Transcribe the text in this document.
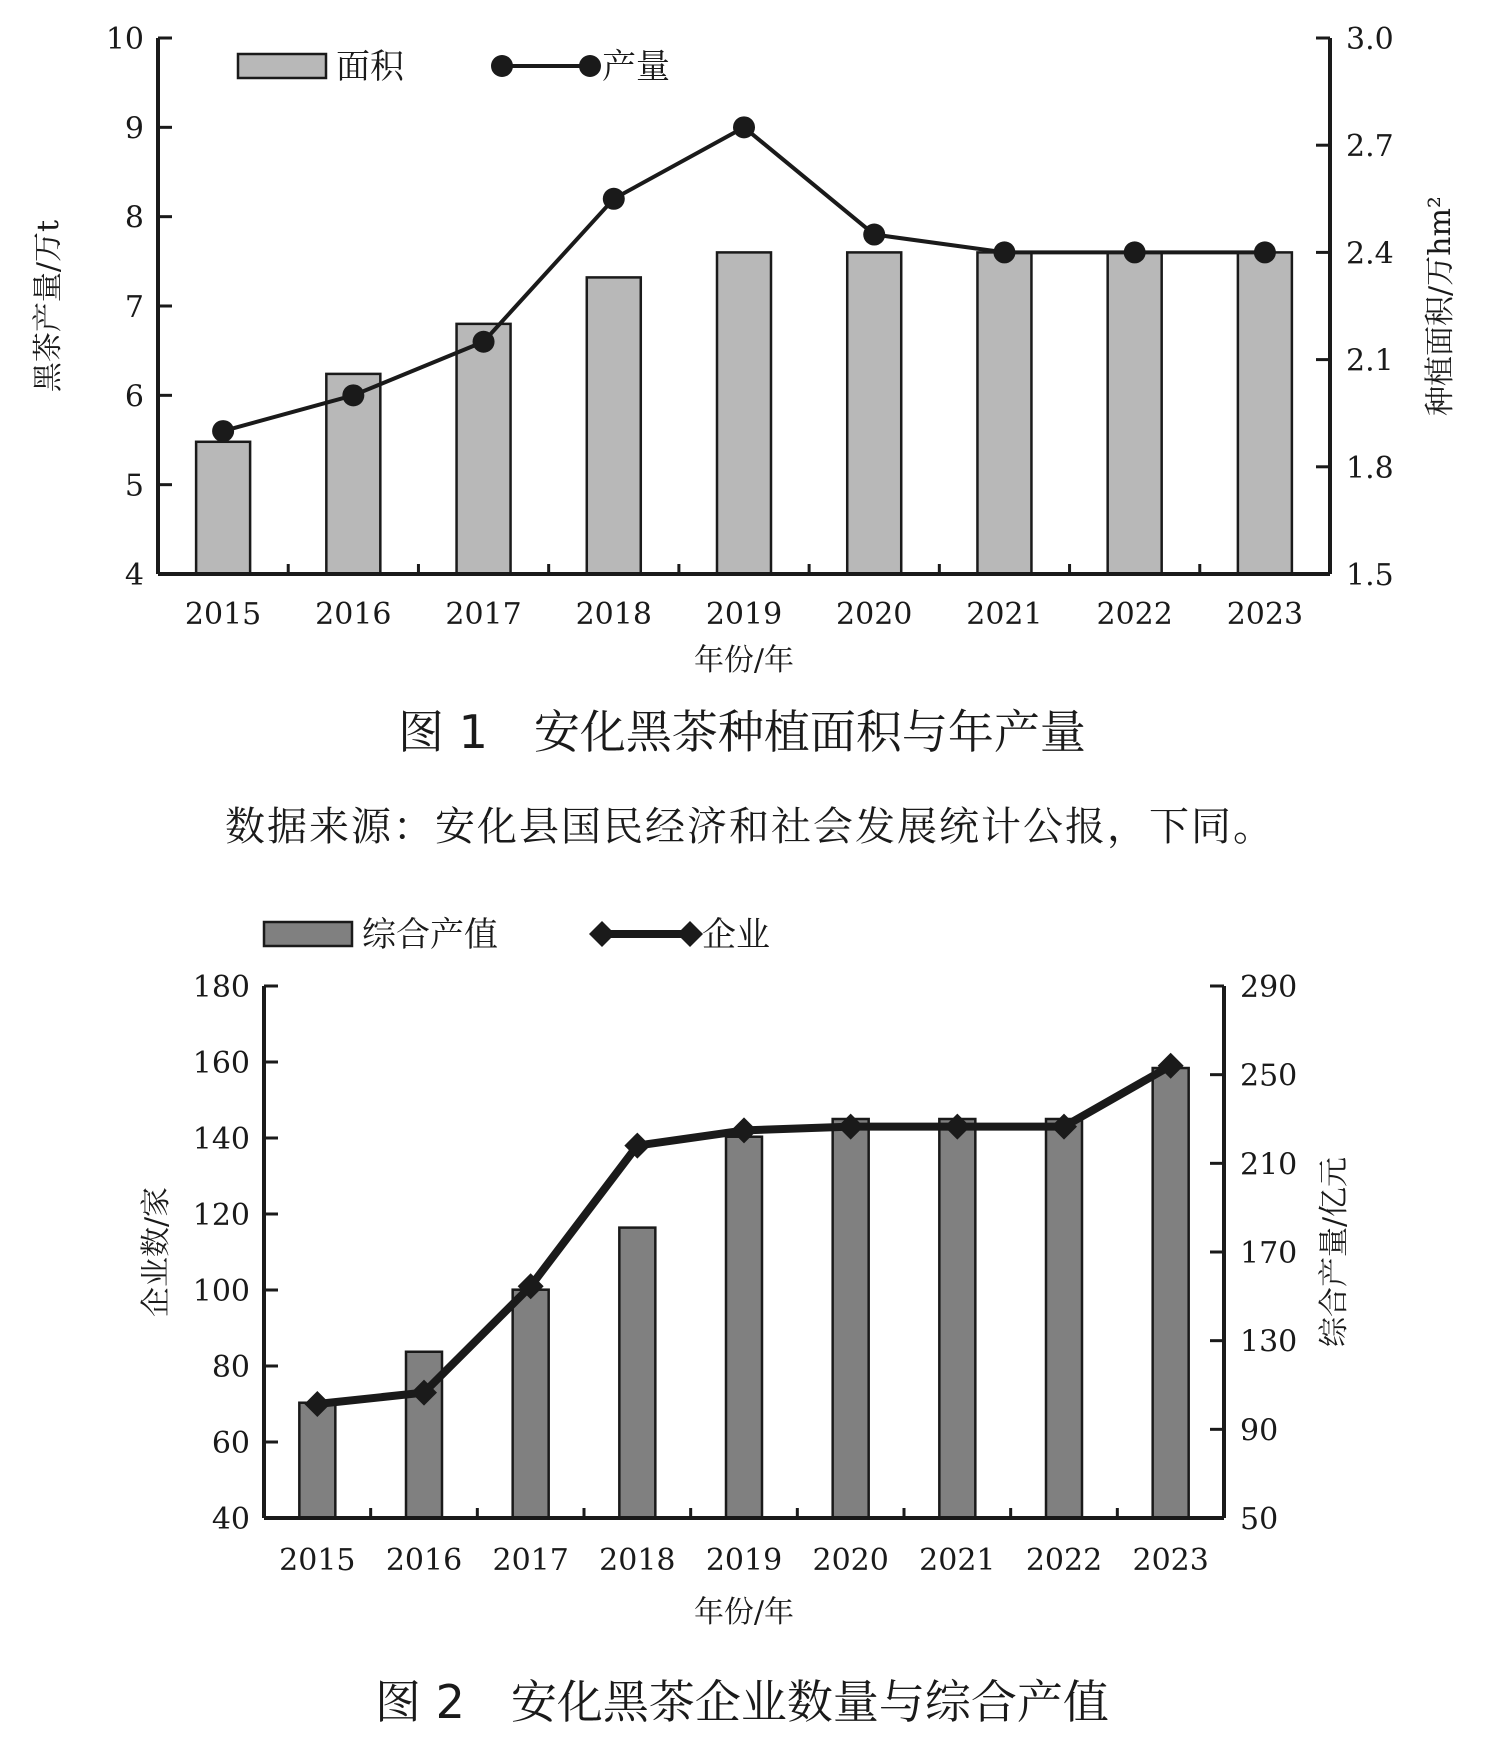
4
5
6
7
8
9
10
1.5
1.8
2.1
2.4
2.7
3.0
2015 2016 2017 2018 2019 2020 2021 2022 2023
年份/年
黑茶产量/万t	种植面积/万hm²
面积	产量
图 1　安化黑茶种植面积与年产量
数据来源：安化县国民经济和社会发展统计公报，下同。
40
60
80
100
120
140
160
180
50
90
130
170
210
250
290
2015 2016 2017 2018 2019 2020 2021 2022 2023
年份/年
企业数/家	综合产量/亿元
综合产值	企业
图 2　安化黑茶企业数量与综合产值
